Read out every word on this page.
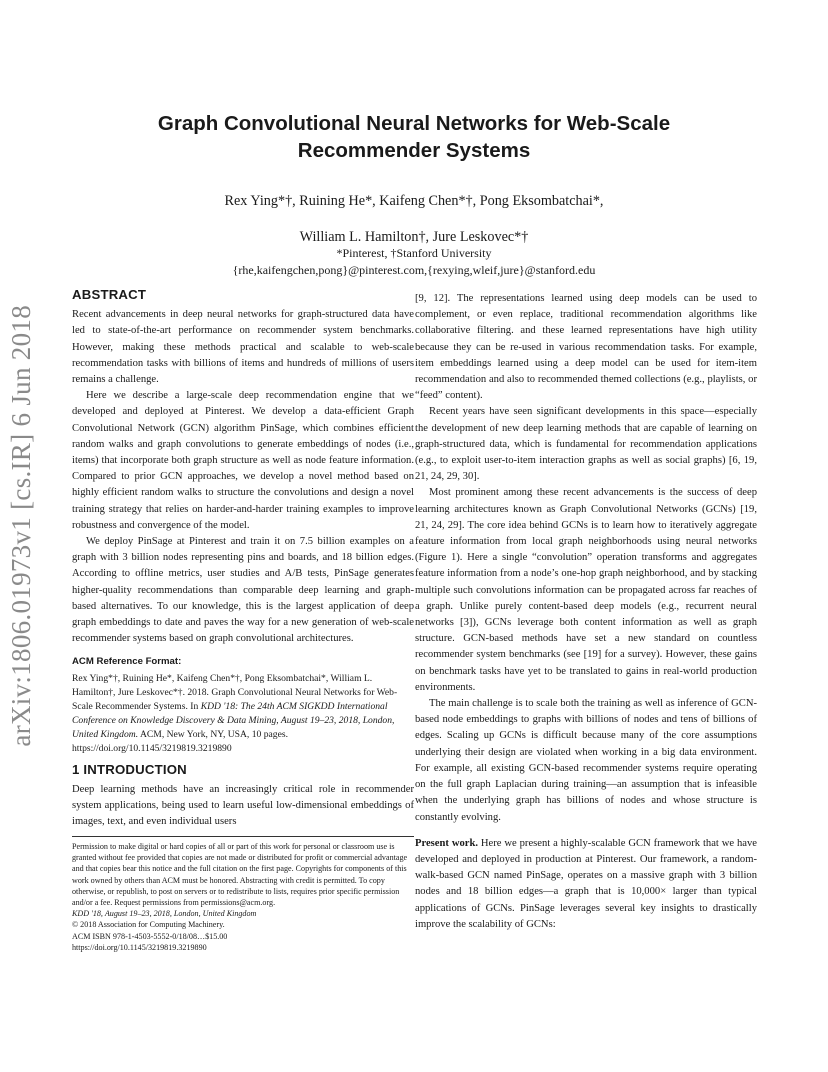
arXiv:1806.01973v1 [cs.IR] 6 Jun 2018
Graph Convolutional Neural Networks for Web-Scale Recommender Systems
Rex Ying*†, Ruining He*, Kaifeng Chen*†, Pong Eksombatchai*,
William L. Hamilton†, Jure Leskovec*†
*Pinterest, †Stanford University
{rhe,kaifengchen,pong}@pinterest.com,{rexying,wleif,jure}@stanford.edu
ABSTRACT

Recent advancements in deep neural networks for graph-structured data have led to state-of-the-art performance on recommender system benchmarks. However, making these methods practical and scalable to web-scale recommendation tasks with billions of items and hundreds of millions of users remains a challenge.

Here we describe a large-scale deep recommendation engine that we developed and deployed at Pinterest. We develop a data-efficient Graph Convolutional Network (GCN) algorithm PinSage, which combines efficient random walks and graph convolutions to generate embeddings of nodes (i.e., items) that incorporate both graph structure as well as node feature information. Compared to prior GCN approaches, we develop a novel method based on highly efficient random walks to structure the convolutions and design a novel training strategy that relies on harder-and-harder training examples to improve robustness and convergence of the model.

We deploy PinSage at Pinterest and train it on 7.5 billion examples on a graph with 3 billion nodes representing pins and boards, and 18 billion edges. According to offline metrics, user studies and A/B tests, PinSage generates higher-quality recommendations than comparable deep learning and graph-based alternatives. To our knowledge, this is the largest application of deep graph embeddings to date and paves the way for a new generation of web-scale recommender systems based on graph convolutional architectures.

ACM Reference Format:

Rex Ying*†, Ruining He*, Kaifeng Chen*†, Pong Eksombatchai*, William L. Hamilton†, Jure Leskovec*†. 2018. Graph Convolutional Neural Networks for Web-Scale Recommender Systems. In KDD '18: The 24th ACM SIGKDD International Conference on Knowledge Discovery & Data Mining, August 19–23, 2018, London, United Kingdom. ACM, New York, NY, USA, 10 pages. https://doi.org/10.1145/3219819.3219890

1 INTRODUCTION

Deep learning methods have an increasingly critical role in recommender system applications, being used to learn useful low-dimensional embeddings of images, text, and even individual users

Permission to make digital or hard copies of all or part of this work for personal or classroom use is granted without fee provided that copies are not made or distributed for profit or commercial advantage and that copies bear this notice and the full citation on the first page. Copyrights for components of this work owned by others than ACM must be honored. Abstracting with credit is permitted. To copy otherwise, or republish, to post on servers or to redistribute to lists, requires prior specific permission and/or a fee. Request permissions from permissions@acm.org.
KDD '18, August 19–23, 2018, London, United Kingdom
© 2018 Association for Computing Machinery.
ACM ISBN 978-1-4503-5552-0/18/08…$15.00
https://doi.org/10.1145/3219819.3219890

[9, 12]. The representations learned using deep models can be used to complement, or even replace, traditional recommendation algorithms like collaborative filtering. and these learned representations have high utility because they can be re-used in various recommendation tasks. For example, item embeddings learned using a deep model can be used for item-item recommendation and also to recommended themed collections (e.g., playlists, or “feed” content).

Recent years have seen significant developments in this space—especially the development of new deep learning methods that are capable of learning on graph-structured data, which is fundamental for recommendation applications (e.g., to exploit user-to-item interaction graphs as well as social graphs) [6, 19, 21, 24, 29, 30].

Most prominent among these recent advancements is the success of deep learning architectures known as Graph Convolutional Networks (GCNs) [19, 21, 24, 29]. The core idea behind GCNs is to learn how to iteratively aggregate feature information from local graph neighborhoods using neural networks (Figure 1). Here a single “convolution” operation transforms and aggregates feature information from a node’s one-hop graph neighborhood, and by stacking multiple such convolutions information can be propagated across far reaches of a graph. Unlike purely content-based deep models (e.g., recurrent neural networks [3]), GCNs leverage both content information as well as graph structure. GCN-based methods have set a new standard on countless recommender system benchmarks (see [19] for a survey). However, these gains on benchmark tasks have yet to be translated to gains in real-world production environments.

The main challenge is to scale both the training as well as inference of GCN-based node embeddings to graphs with billions of nodes and tens of billions of edges. Scaling up GCNs is difficult because many of the core assumptions underlying their design are violated when working in a big data environment. For example, all existing GCN-based recommender systems require operating on the full graph Laplacian during training—an assumption that is infeasible when the underlying graph has billions of nodes and whose structure is constantly evolving.

Present work. Here we present a highly-scalable GCN framework that we have developed and deployed in production at Pinterest. Our framework, a random-walk-based GCN named PinSage, operates on a massive graph with 3 billion nodes and 18 billion edges—a graph that is 10,000× larger than typical applications of GCNs. PinSage leverages several key insights to drastically improve the scalability of GCNs:
